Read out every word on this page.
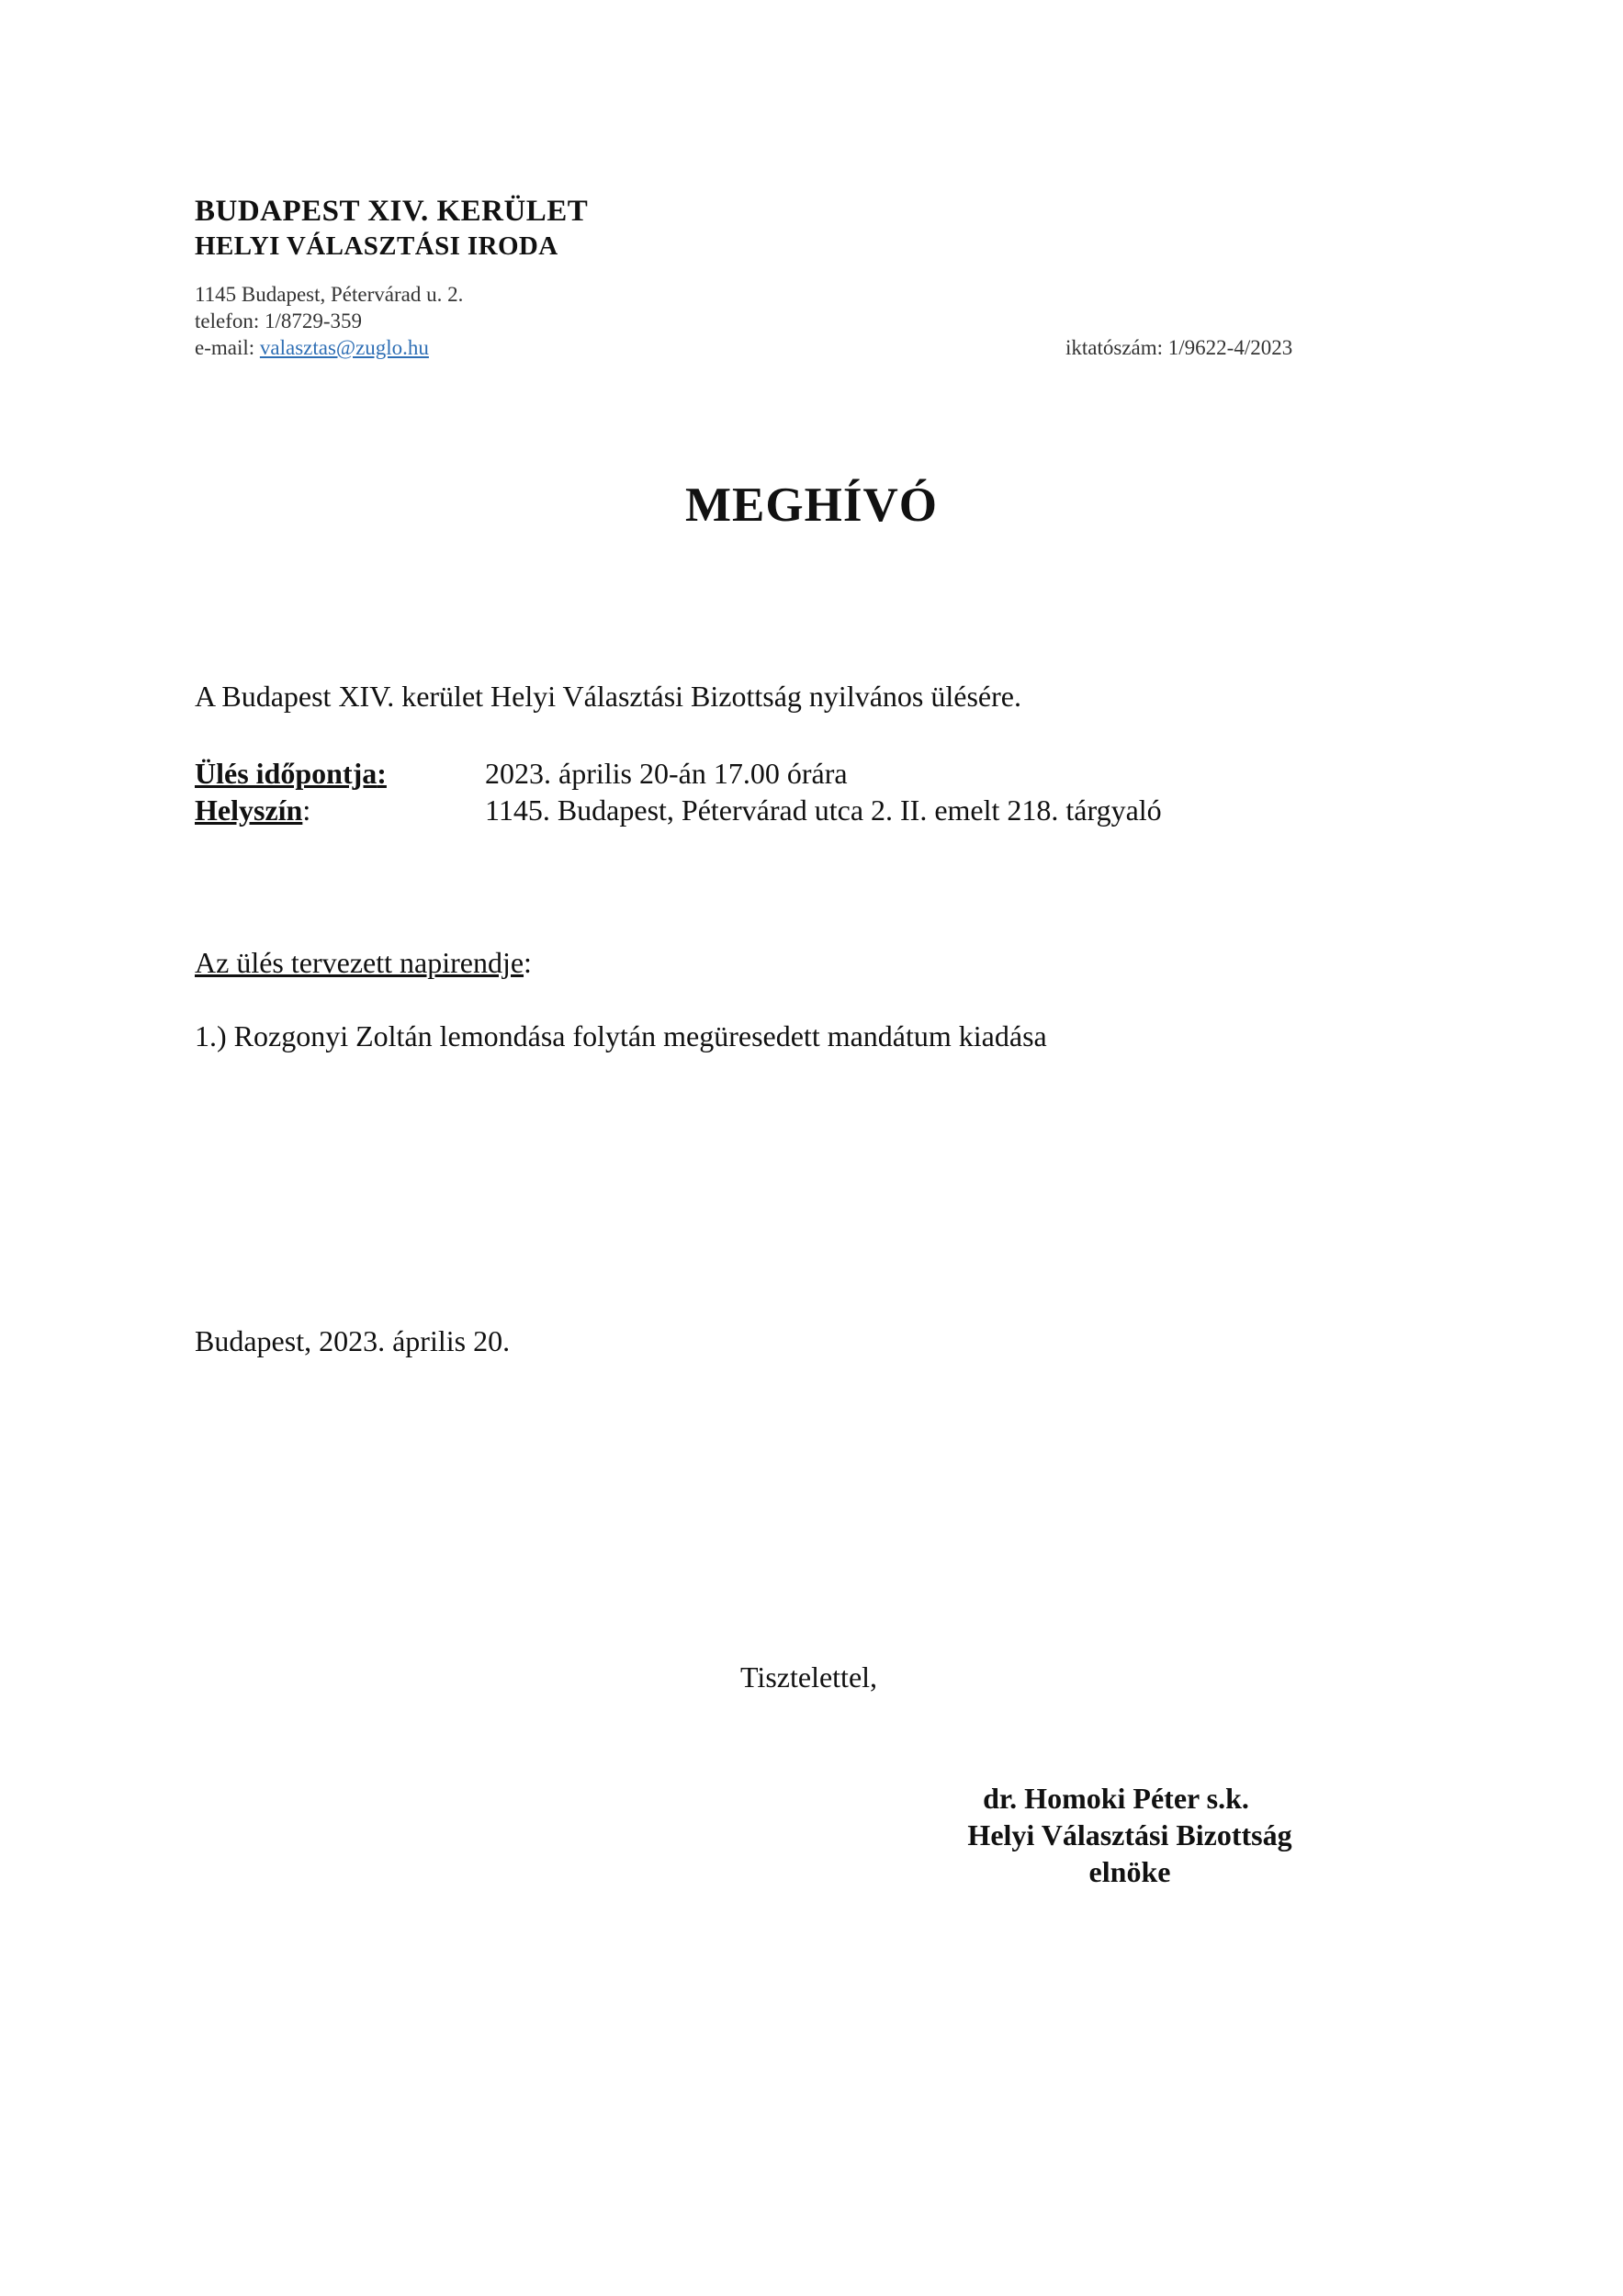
BUDAPEST XIV. KERÜLET
HELYI VÁLASZTÁSI IRODA
1145 Budapest, Pétervárad u. 2.
telefon: 1/8729-359
e-mail: valasztas@zuglo.hu	iktatószám: 1/9622-4/2023
MEGHÍVÓ
A Budapest XIV. kerület Helyi Választási Bizottság nyilvános ülésére.
Ülés időpontja:	2023. április 20-án 17.00 órára
Helyszín:	1145. Budapest, Pétervárad utca 2. II. emelt 218. tárgyaló
Az ülés tervezett napirendje:
1.) Rozgonyi Zoltán lemondása folytán megüresedett mandátum kiadása
Budapest, 2023. április 20.
Tisztelettel,
dr. Homoki Péter s.k.
Helyi Választási Bizottság
elnöke
